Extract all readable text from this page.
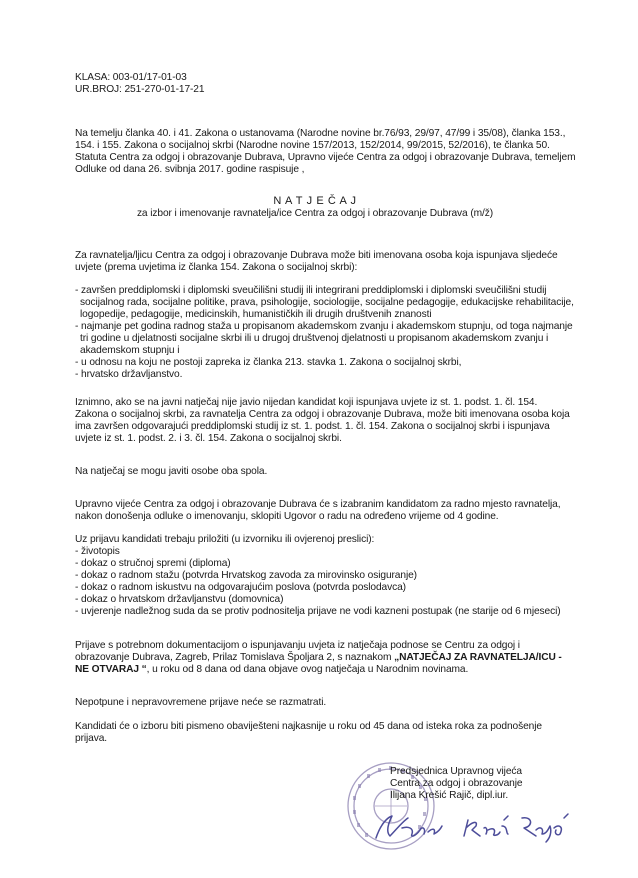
KLASA: 003-01/17-01-03
UR.BROJ: 251-270-01-17-21
Na temelju članka 40. i 41. Zakona o ustanovama (Narodne novine br.76/93, 29/97, 47/99 i 35/08), članka 153.,
154. i 155. Zakona o socijalnoj skrbi (Narodne novine 157/2013, 152/2014, 99/2015, 52/2016), te članka 50.
Statuta Centra za odgoj i obrazovanje Dubrava, Upravno vijeće Centra za odgoj i obrazovanje Dubrava, temeljem
Odluke od dana 26. svibnja 2017. godine raspisuje ,
N A T J E Č A J
za izbor i imenovanje ravnatelja/ice Centra za odgoj i obrazovanje Dubrava (m/ž)
Za ravnatelja/ljicu Centra za odgoj i obrazovanje Dubrava može biti imenovana osoba koja ispunjava sljedeće
uvjete (prema uvjetima iz članka 154. Zakona o socijalnoj skrbi):
- završen preddiplomski i diplomski sveučilišni studij ili integrirani preddiplomski i diplomski sveučilišni studij
socijalnog rada, socijalne politike, prava, psihologije, sociologije, socijalne pedagogije, edukacijske rehabilitacije,
logopedije, pedagogije, medicinskih, humanističkih ili drugih društvenih znanosti
- najmanje pet godina radnog staža u propisanom akademskom zvanju i akademskom stupnju, od toga najmanje
tri godine u djelatnosti socijalne skrbi ili u drugoj društvenoj djelatnosti u propisanom akademskom zvanju i
akademskom stupnju i
- u odnosu na koju ne postoji zapreka iz članka 213. stavka 1. Zakona o socijalnoj skrbi,
- hrvatsko državljanstvo.
Iznimno, ako se na javni natječaj nije javio nijedan kandidat koji ispunjava uvjete iz st. 1. podst. 1. čl. 154.
Zakona o socijalnoj skrbi, za ravnatelja Centra za odgoj i obrazovanje Dubrava, može biti imenovana osoba koja
ima završen odgovarajući preddiplomski studij iz st. 1. podst. 1. čl. 154. Zakona o socijalnoj skrbi i ispunjava
uvjete iz st. 1. podst. 2. i 3. čl. 154. Zakona o socijalnoj skrbi.
Na natječaj se mogu javiti osobe oba spola.
Upravno vijeće Centra za odgoj i obrazovanje Dubrava će s izabranim kandidatom za radno mjesto ravnatelja,
nakon donošenja odluke o imenovanju, sklopiti Ugovor o radu na određeno vrijeme od 4 godine.
Uz prijavu kandidati trebaju priložiti (u izvorniku ili ovjerenoj preslici):
- životopis
- dokaz o stručnoj spremi (diploma)
- dokaz o radnom stažu (potvrda Hrvatskog zavoda za mirovinsko osiguranje)
- dokaz o radnom iskustvu na odgovarajućim poslova (potvrda poslodavca)
- dokaz o hrvatskom državljanstvu (domovnica)
- uvjerenje nadležnog suda da se protiv podnositelja prijave ne vodi kazneni postupak (ne starije od 6 mjeseci)
Prijave s potrebnom dokumentacijom o ispunjavanju uvjeta iz natječaja podnose se Centru za odgoj i
obrazovanje Dubrava, Zagreb, Prilaz Tomislava Špoljara 2, s naznakom „NATJEČAJ ZA RAVNATELJA/ICU -
NE OTVARAJ “, u roku od 8 dana od dana objave ovog natječaja u Narodnim novinama.
Nepotpune i nepravovremene prijave neće se razmatrati.
Kandidati će o izboru biti pismeno obaviješteni najkasnije u roku od 45 dana od isteka roka za podnošenje
prijava.
Predsjednica Upravnog vijeća
Centra za odgoj i obrazovanje
Ilijana Krešić Rajič, dipl.iur.
